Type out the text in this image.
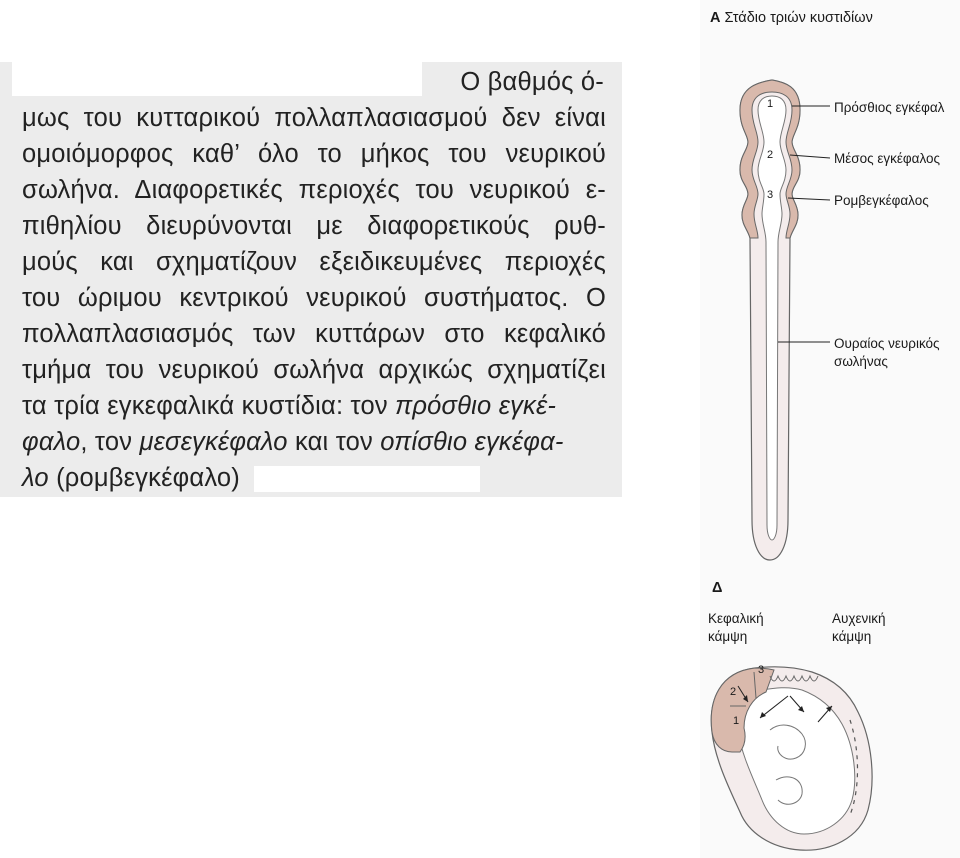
Ο βαθμός ό-
μως του κυτταρικού πολλαπλασιασμού δεν είναι
ομοιόμορφος καθ’ όλο το μήκος του νευρικού
σωλήνα. Διαφορετικές περιοχές του νευρικού ε-
πιθηλίου διευρύνονται με διαφορετικούς ρυθ-
μούς και σχηματίζουν εξειδικευμένες περιοχές
του ώριμου κεντρικού νευρικού συστήματος. Ο
πολλαπλασιασμός των κυττάρων στο κεφαλικό
τμήμα του νευρικού σωλήνα αρχικώς σχηματίζει
τα τρία εγκεφαλικά κυστίδια: τον πρόσθιο εγκέ-
φαλο, τον μεσεγκέφαλο και τον οπίσθιο εγκέφα-
λο (ρομβεγκέφαλο)
A Στάδιο τριών κυστιδίων
1
2
3
Πρόσθιος εγκέφαλ
Μέσος εγκέφαλος
Ρομβεγκέφαλος
Ουραίος νευρικός
σωλήνας
Δ
Κεφαλική
κάμψη
Αυχενική
κάμψη
1
2
3
